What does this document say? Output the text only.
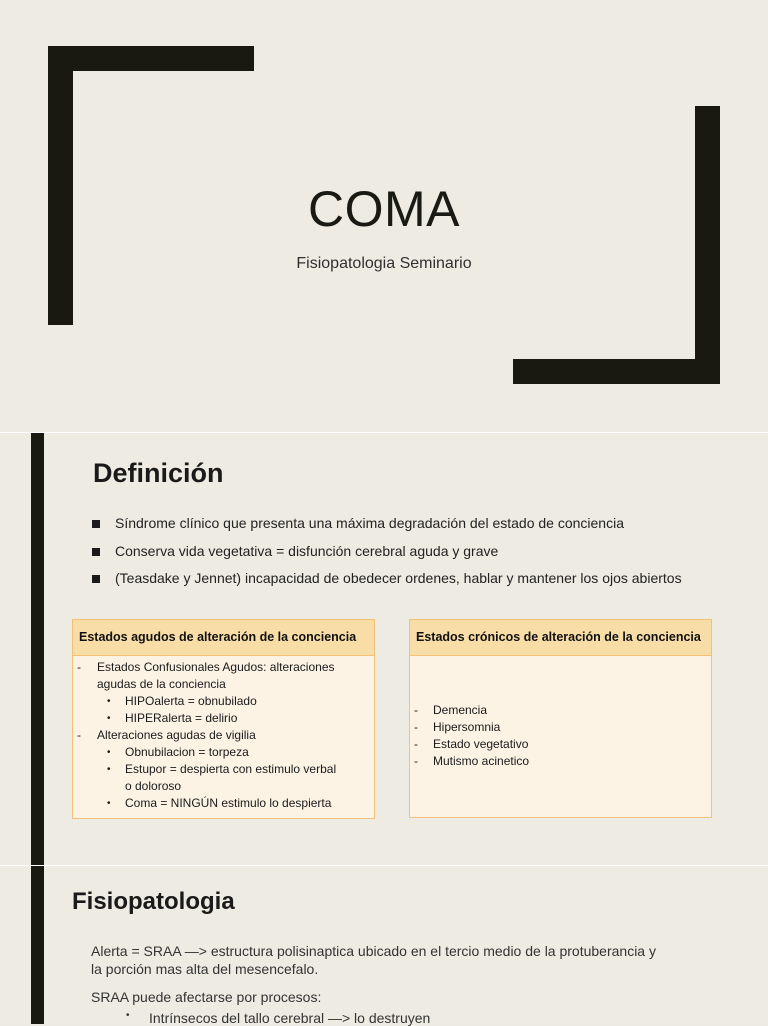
COMA
Fisiopatologia Seminario
Definición
Síndrome clínico que presenta una máxima degradación del estado de conciencia
Conserva vida vegetativa = disfunción cerebral aguda y grave
(Teasdake y Jennet) incapacidad de obedecer ordenes, hablar y mantener los ojos abiertos
Estados agudos de alteración de la conciencia
- Estados Confusionales Agudos: alteraciones
agudas de la conciencia
• HIPOalerta = obnubilado
• HIPERalerta = delirio
- Alteraciones agudas de vigilia
• Obnubilacion = torpeza
• Estupor = despierta con estimulo verbal
o doloroso
• Coma = NINGÚN estimulo lo despierta
Estados crónicos de alteración de la conciencia
- Demencia
- Hipersomnia
- Estado vegetativo
- Mutismo acinetico
Fisiopatologia
Alerta = SRAA —> estructura polisinaptica ubicado en el tercio medio de la protuberancia y
la porción mas alta del mesencefalo.
SRAA puede afectarse por procesos:
• Intrínsecos del tallo cerebral —> lo destruyen
